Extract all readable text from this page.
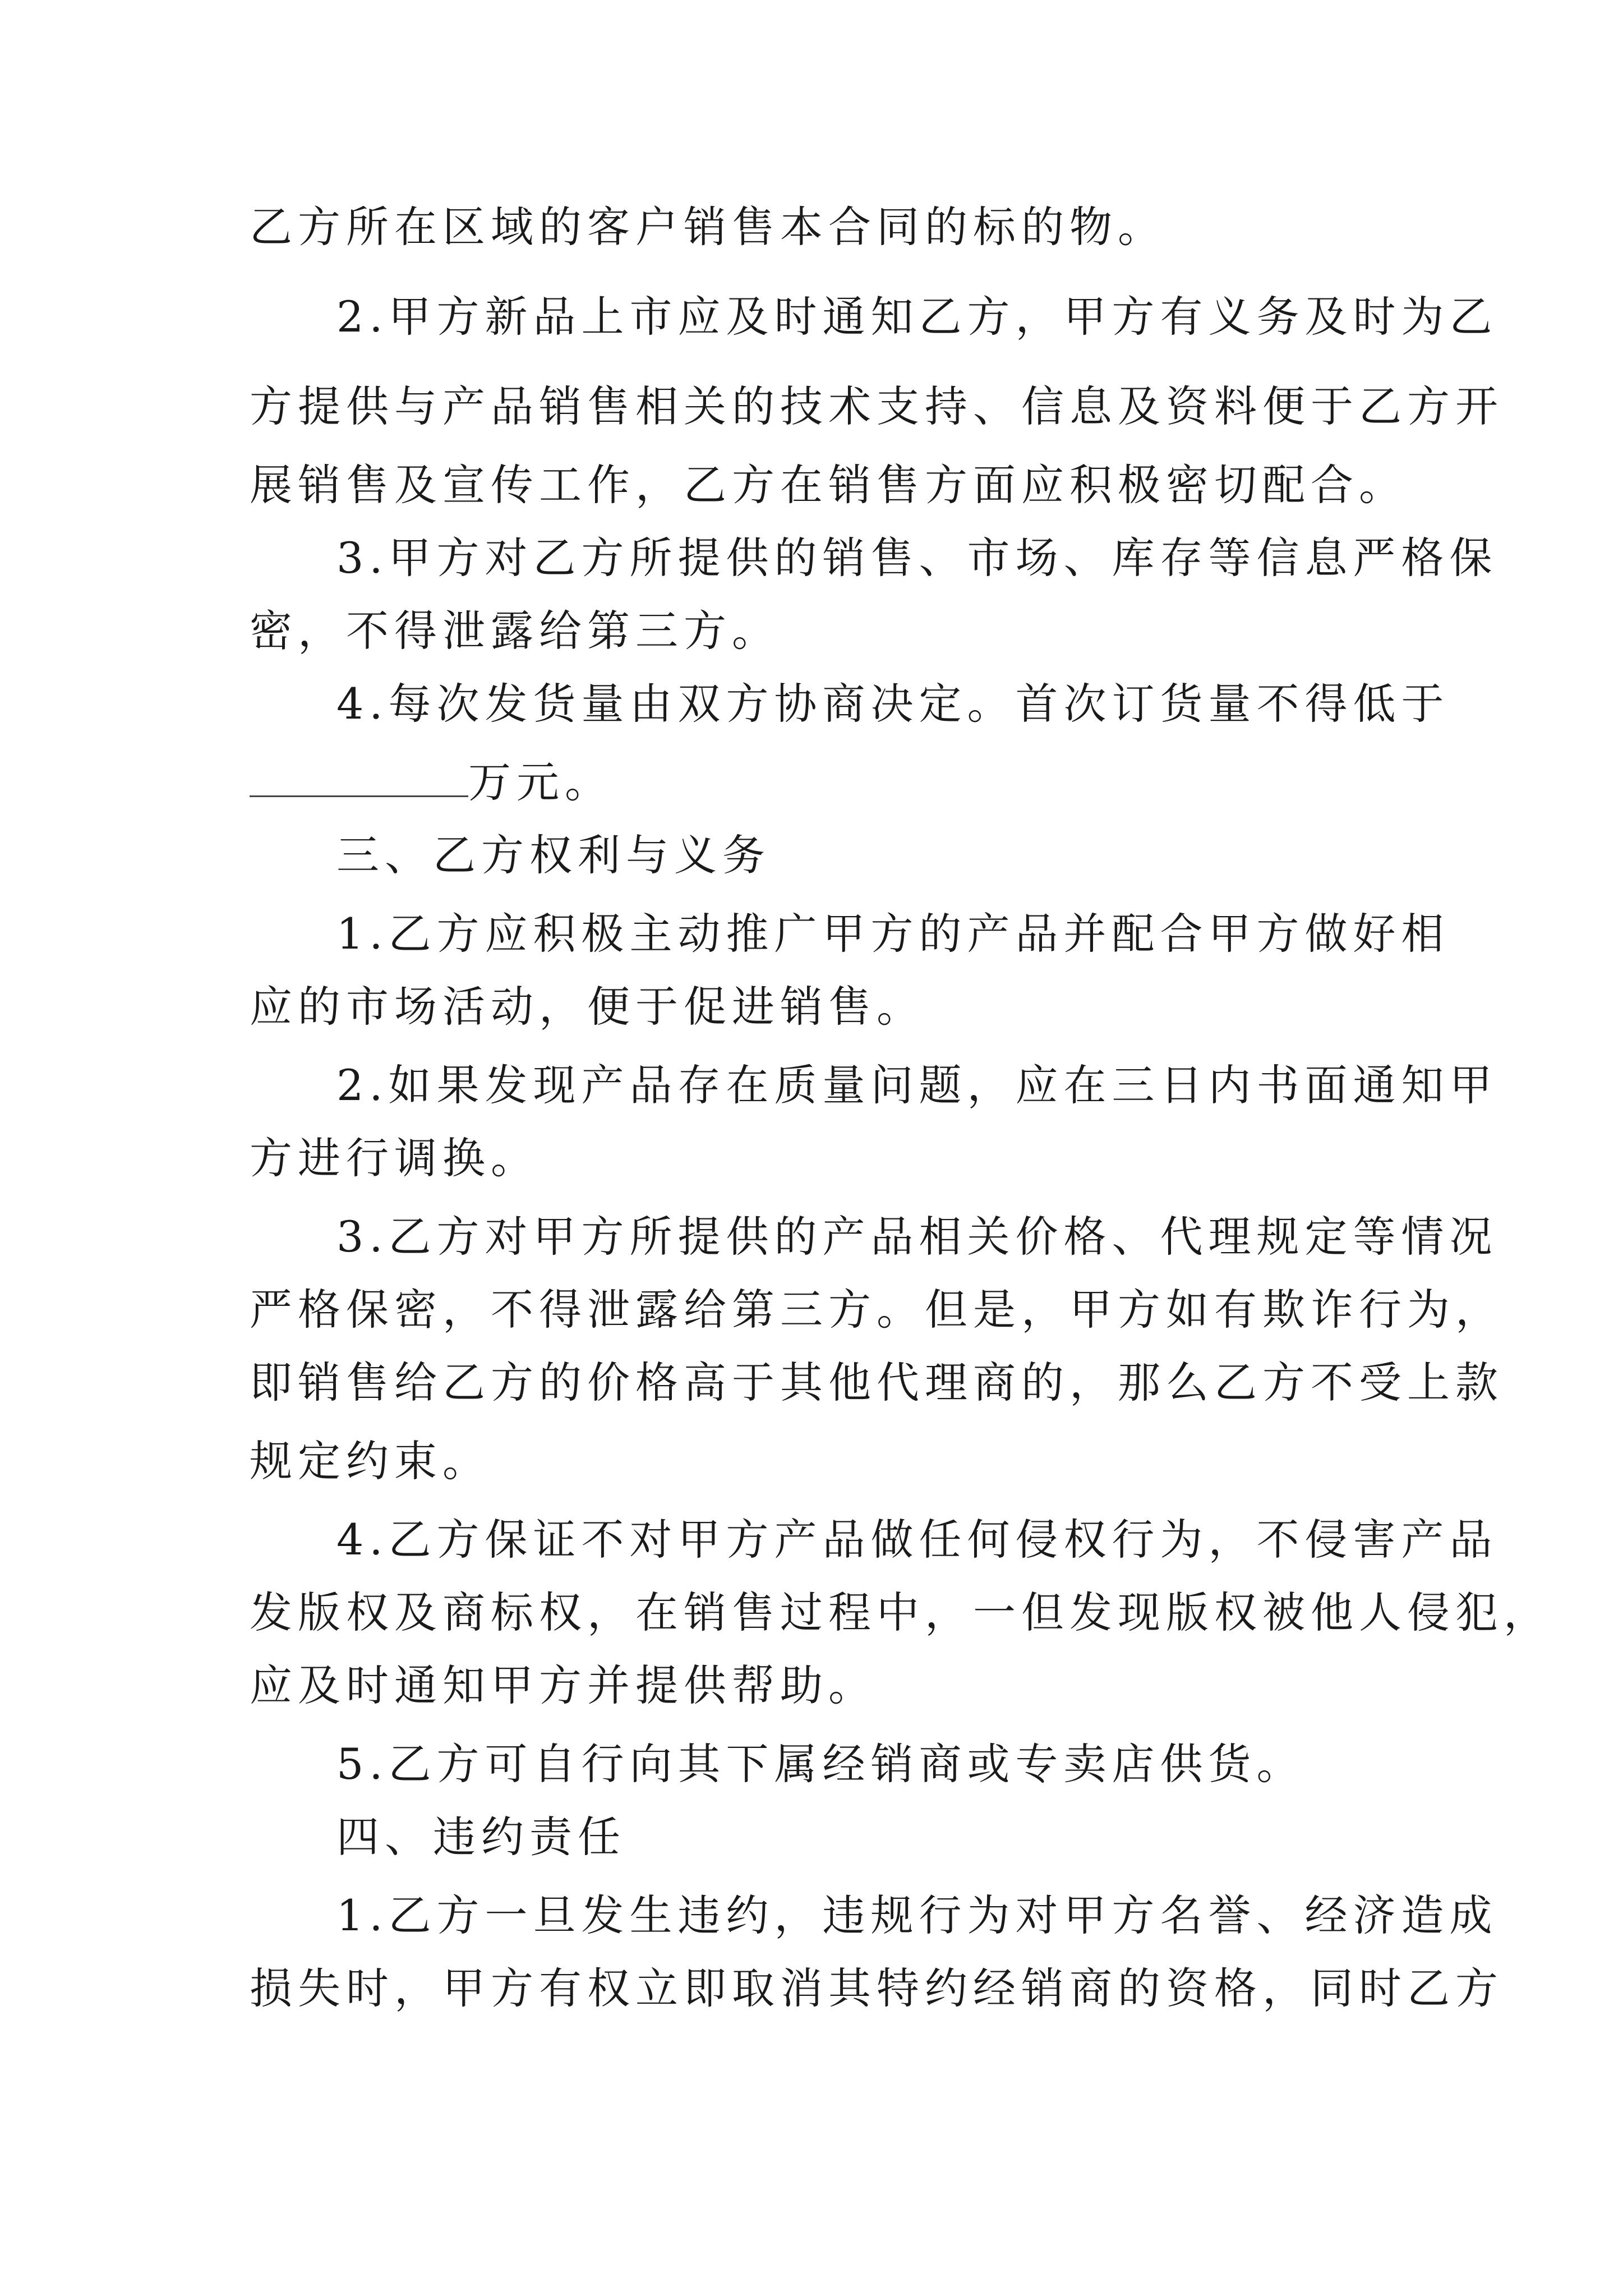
乙方所在区域的客户销售本合同的标的物。
2.甲方新品上市应及时通知乙方，甲方有义务及时为乙
方提供与产品销售相关的技术支持、信息及资料便于乙方开
展销售及宣传工作，乙方在销售方面应积极密切配合。
3.甲方对乙方所提供的销售、市场、库存等信息严格保
密，不得泄露给第三方。
4.每次发货量由双方协商决定。首次订货量不得低于
万元。
三、乙方权利与义务
1.乙方应积极主动推广甲方的产品并配合甲方做好相
应的市场活动，便于促进销售。
2.如果发现产品存在质量问题，应在三日内书面通知甲
方进行调换。
3.乙方对甲方所提供的产品相关价格、代理规定等情况
严格保密，不得泄露给第三方。但是，甲方如有欺诈行为，
即销售给乙方的价格高于其他代理商的，那么乙方不受上款
规定约束。
4.乙方保证不对甲方产品做任何侵权行为，不侵害产品
发版权及商标权，在销售过程中，一但发现版权被他人侵犯，
应及时通知甲方并提供帮助。
5.乙方可自行向其下属经销商或专卖店供货。
四、违约责任
1.乙方一旦发生违约，违规行为对甲方名誉、经济造成
损失时，甲方有权立即取消其特约经销商的资格，同时乙方
